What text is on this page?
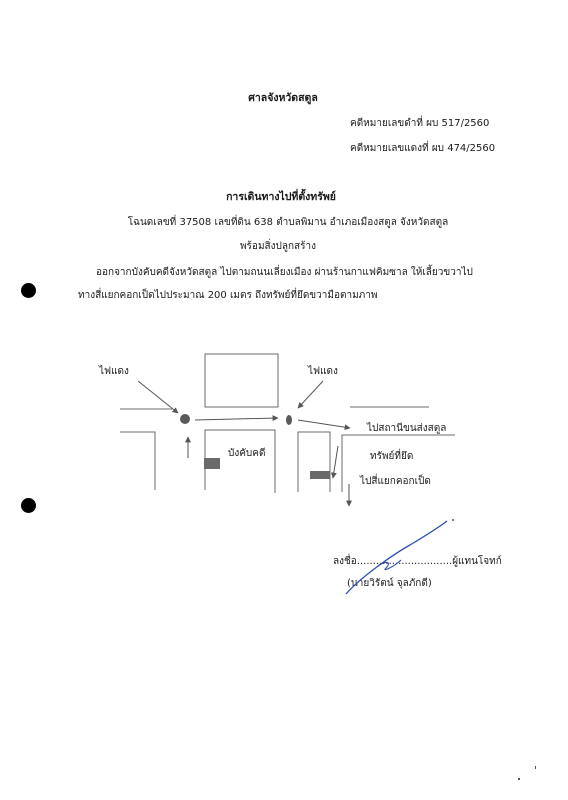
ศาลจังหวัดสตูล
คดีหมายเลขดำที่ ผบ 517/2560
คดีหมายเลขแดงที่ ผบ 474/2560
การเดินทางไปที่ตั้งทรัพย์
โฉนดเลขที่ 37508 เลขที่ดิน 638 ตำบลพิมาน อำเภอเมืองสตูล จังหวัดสตูล
พร้อมสิ่งปลูกสร้าง
ออกจากบังคับคดีจังหวัดสตูล ไปตามถนนเลี่ยงเมือง ผ่านร้านกาแฟคิมซาล ให้เลี้ยวขวาไป
ทางสี่แยกคอกเป็ดไปประมาณ 200 เมตร ถึงทรัพย์ที่ยึดขวามือตามภาพ
ไฟแดง	ไฟแดง
ไปสถานีขนส่งสตูล
บังคับคดี	ทรัพย์ที่ยึด
ไปสี่แยกคอกเป็ด
ลงชื่อ..............................ผู้แทนโจทก์
(นายวิรัตน์ จุลภักดี)
